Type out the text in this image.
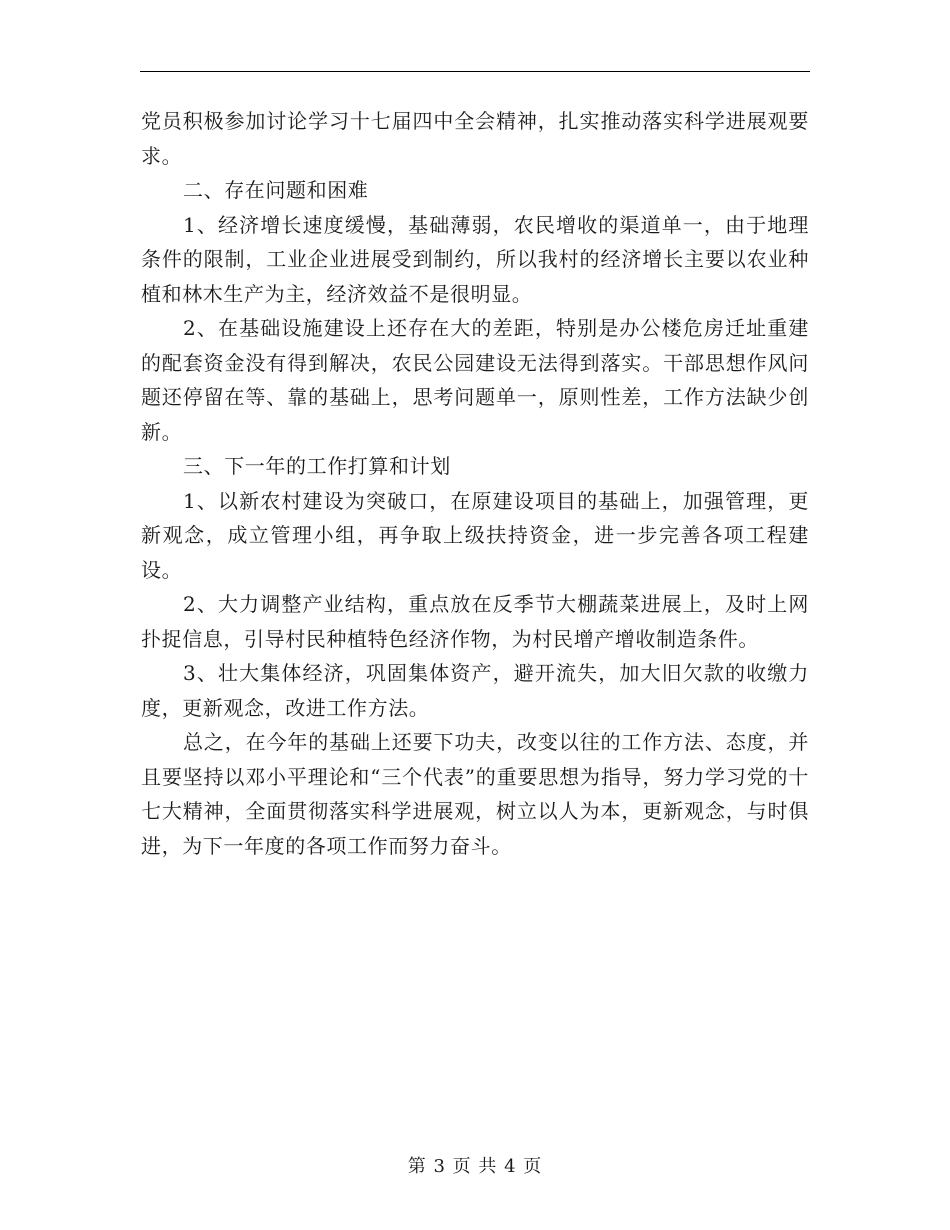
党员积极参加讨论学习十七届四中全会精神，扎实推动落实科学进展观要求。

二、存在问题和困难

1、经济增长速度缓慢，基础薄弱，农民增收的渠道单一，由于地理条件的限制，工业企业进展受到制约，所以我村的经济增长主要以农业种植和林木生产为主，经济效益不是很明显。

2、在基础设施建设上还存在大的差距，特别是办公楼危房迁址重建的配套资金没有得到解决，农民公园建设无法得到落实。干部思想作风问题还停留在等、靠的基础上，思考问题单一，原则性差，工作方法缺少创新。

三、下一年的工作打算和计划

1、以新农村建设为突破口，在原建设项目的基础上，加强管理，更新观念，成立管理小组，再争取上级扶持资金，进一步完善各项工程建设。

2、大力调整产业结构，重点放在反季节大棚蔬菜进展上，及时上网扑捉信息，引导村民种植特色经济作物，为村民增产增收制造条件。

3、壮大集体经济，巩固集体资产，避开流失，加大旧欠款的收缴力度，更新观念，改进工作方法。

总之，在今年的基础上还要下功夫，改变以往的工作方法、态度，并且要坚持以邓小平理论和“三个代表”的重要思想为指导，努力学习党的十七大精神，全面贯彻落实科学进展观，树立以人为本，更新观念，与时俱进，为下一年度的各项工作而努力奋斗。

第 3 页 共 4 页
